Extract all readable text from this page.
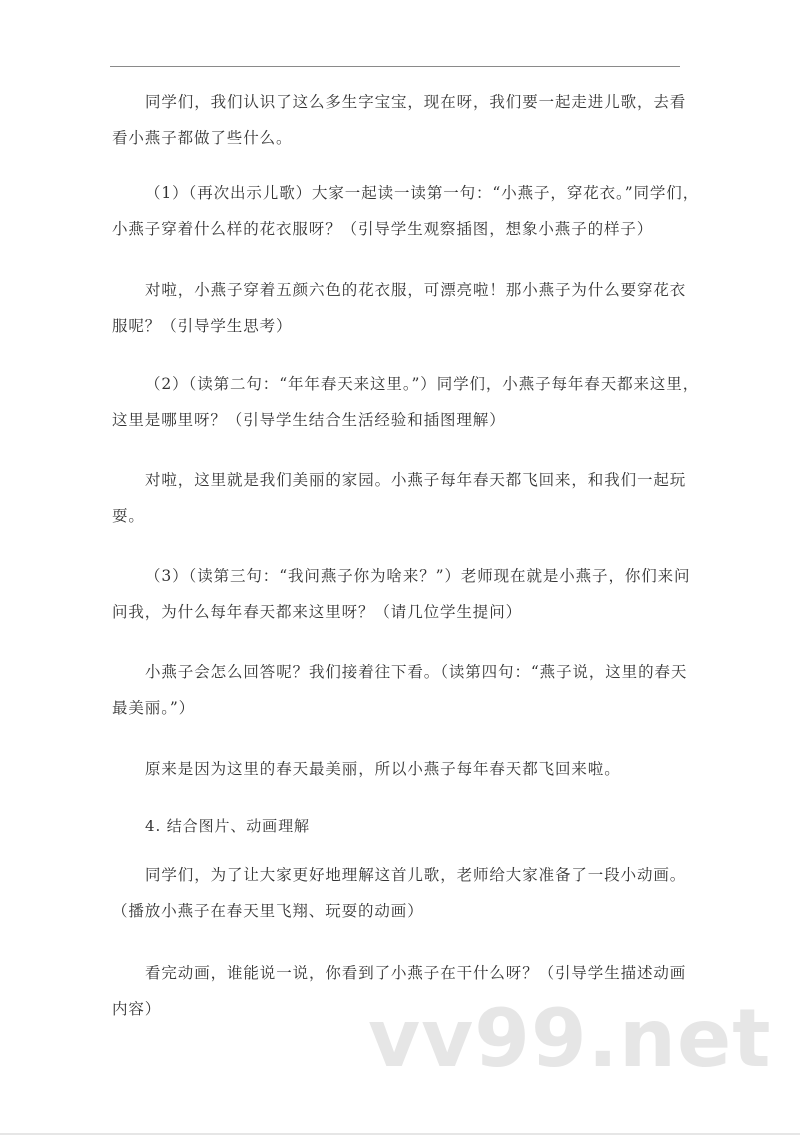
同学们，我们认识了这么多生字宝宝，现在呀，我们要一起走进儿歌，去看
看小燕子都做了些什么。
（1）（再次出示儿歌）大家一起读一读第一句：“小燕子，穿花衣。”同学们，
小燕子穿着什么样的花衣服呀？（引导学生观察插图，想象小燕子的样子）
对啦，小燕子穿着五颜六色的花衣服，可漂亮啦！那小燕子为什么要穿花衣
服呢？（引导学生思考）
（2）（读第二句：“年年春天来这里。”）同学们，小燕子每年春天都来这里，
这里是哪里呀？（引导学生结合生活经验和插图理解）
对啦，这里就是我们美丽的家园。小燕子每年春天都飞回来，和我们一起玩
耍。
（3）（读第三句：“我问燕子你为啥来？”）老师现在就是小燕子，你们来问
问我，为什么每年春天都来这里呀？（请几位学生提问）
小燕子会怎么回答呢？我们接着往下看。（读第四句：“燕子说，这里的春天
最美丽。”）
原来是因为这里的春天最美丽，所以小燕子每年春天都飞回来啦。
4. 结合图片、动画理解
同学们，为了让大家更好地理解这首儿歌，老师给大家准备了一段小动画。
（播放小燕子在春天里飞翔、玩耍的动画）
看完动画，谁能说一说，你看到了小燕子在干什么呀？（引导学生描述动画
内容）	vv99.net
